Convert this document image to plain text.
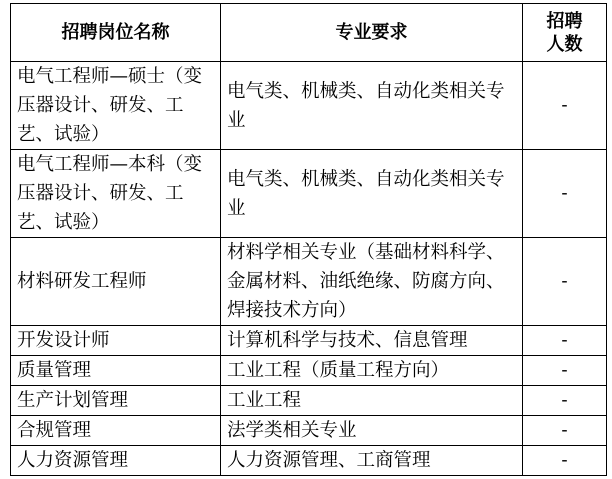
招聘岗位名称	专业要求	招聘
人数

电气工程师—硕士（变压器设计、研发、工艺、试验）	电气类、机械类、自动化类相关专业	-
电气工程师—本科（变压器设计、研发、工艺、试验）	电气类、机械类、自动化类相关专业	-
材料研发工程师	材料学相关专业（基础材料科学、金属材料、油纸绝缘、防腐方向、焊接技术方向）	-
开发设计师	计算机科学与技术、信息管理	-
质量管理	工业工程（质量工程方向）	-
生产计划管理	工业工程	-
合规管理	法学类相关专业	-
人力资源管理	人力资源管理、工商管理	-
